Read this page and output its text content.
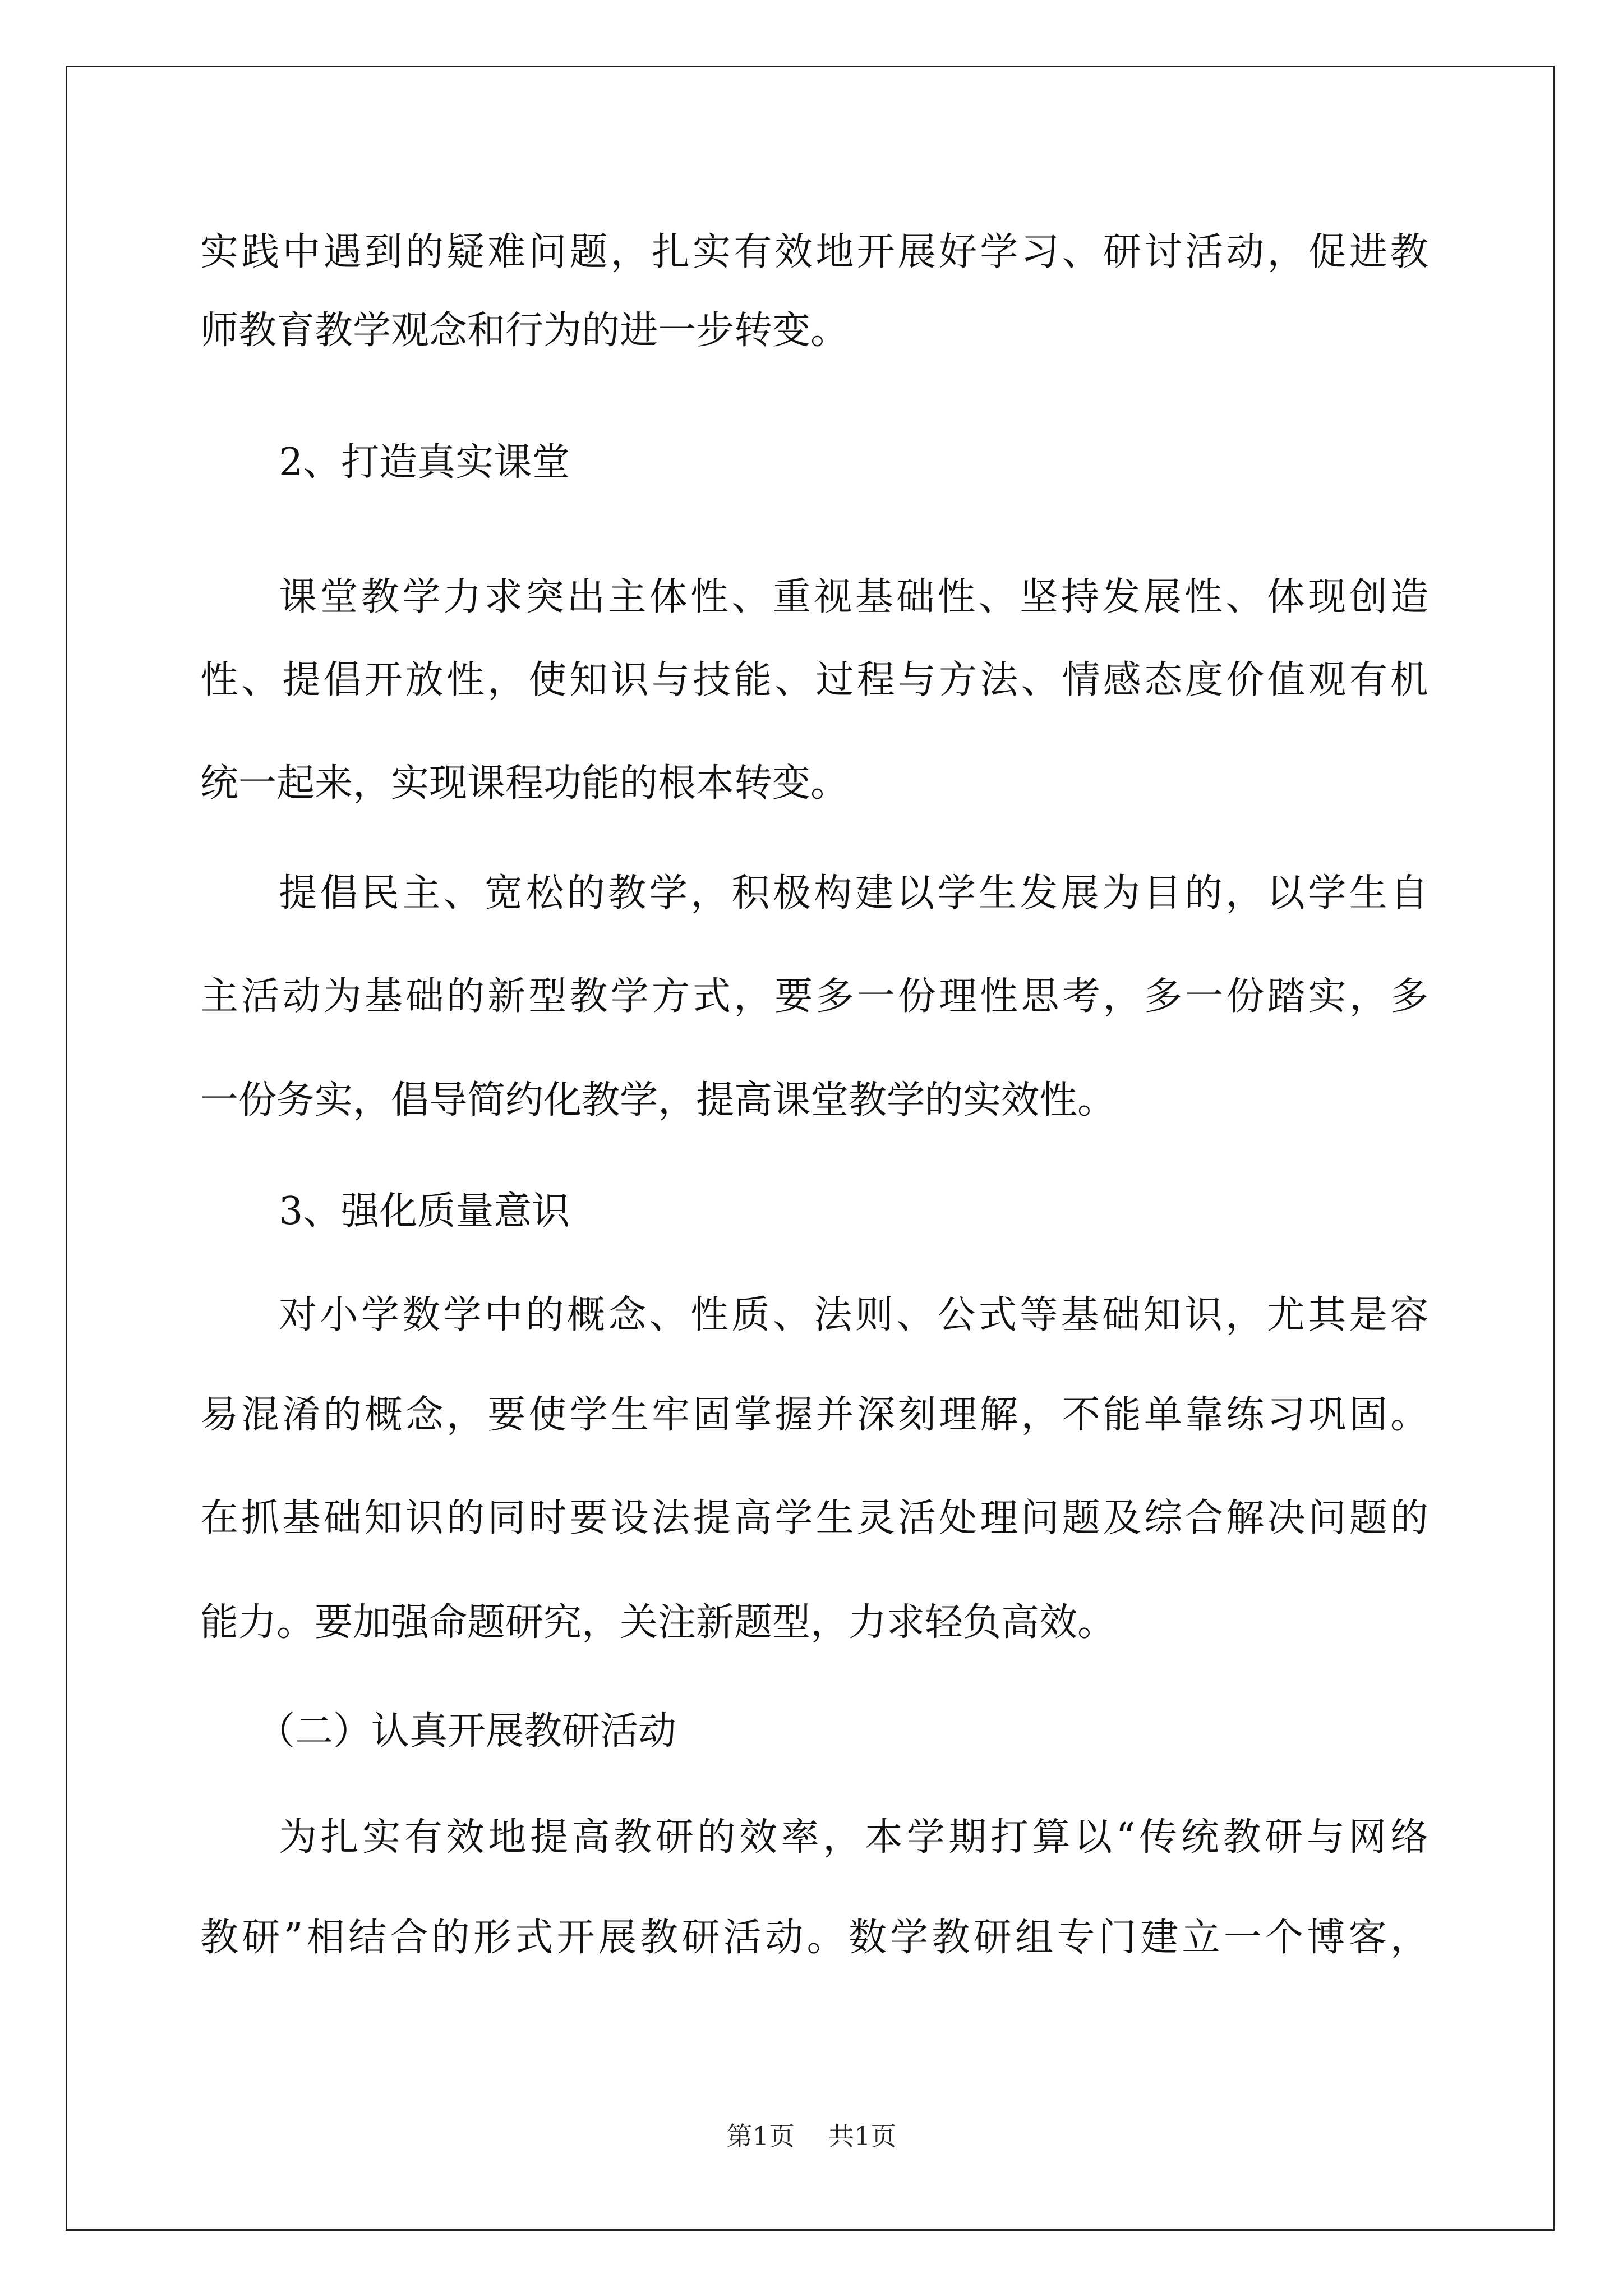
实践中遇到的疑难问题，扎实有效地开展好学习、研讨活动，促进教
师教育教学观念和行为的进一步转变。
2、打造真实课堂
课堂教学力求突出主体性、重视基础性、坚持发展性、体现创造
性、提倡开放性，使知识与技能、过程与方法、情感态度价值观有机
统一起来，实现课程功能的根本转变。
提倡民主、宽松的教学，积极构建以学生发展为目的，以学生自
主活动为基础的新型教学方式，要多一份理性思考，多一份踏实，多
一份务实，倡导简约化教学，提高课堂教学的实效性。
3、强化质量意识
对小学数学中的概念、性质、法则、公式等基础知识，尤其是容
易混淆的概念，要使学生牢固掌握并深刻理解，不能单靠练习巩固。
在抓基础知识的同时要设法提高学生灵活处理问题及综合解决问题的
能力。要加强命题研究，关注新题型，力求轻负高效。
（二）认真开展教研活动
为扎实有效地提高教研的效率，本学期打算以“传统教研与网络
教研”相结合的形式开展教研活动。数学教研组专门建立一个博客，
第1页 共1页
